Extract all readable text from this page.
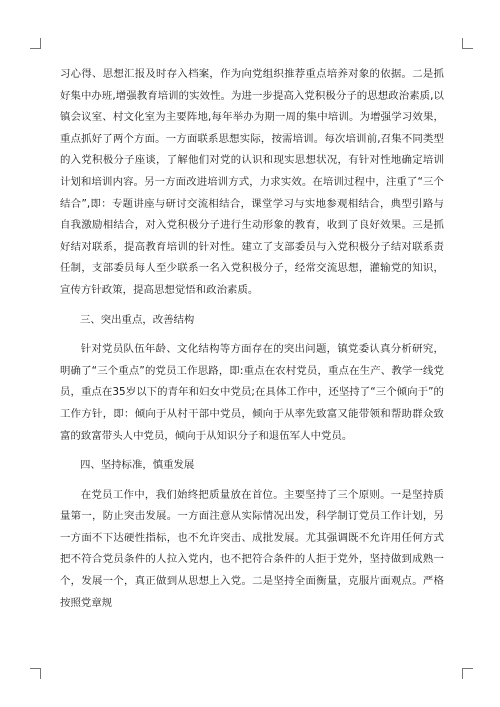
习心得、思想汇报及时存入档案，作为向党组织推荐重点培养对象的依据。二是抓好集中办班,增强教育培训的实效性。为进一步提高入党积极分子的思想政治素质,以镇会议室、村文化室为主要阵地,每年举办为期一周的集中培训。为增强学习效果，重点抓好了两个方面。一方面联系思想实际，按需培训。每次培训前,召集不同类型的入党积极分子座谈，了解他们对党的认识和现实思想状况，有针对性地确定培训计划和培训内容。另一方面改进培训方式，力求实效。在培训过程中，注重了“三个结合”,即：专题讲座与研讨交流相结合，课堂学习与实地参观相结合，典型引路与自我激励相结合，对入党积极分子进行生动形象的教育，收到了良好效果。三是抓好结对联系，提高教育培训的针对性。建立了支部委员与入党积极分子结对联系责任制，支部委员每人至少联系一名入党积极分子，经常交流思想，灌输党的知识，宣传方针政策，提高思想觉悟和政治素质。

三、突出重点，改善结构

针对党员队伍年龄、文化结构等方面存在的突出问题，镇党委认真分析研究，明确了“三个重点”的党员工作思路，即:重点在农村党员，重点在生产、教学一线党员，重点在35岁以下的青年和妇女中党员;在具体工作中，还坚持了“三个倾向于”的工作方针，即：倾向于从村干部中党员，倾向于从率先致富又能带领和帮助群众致富的致富带头人中党员，倾向于从知识分子和退伍军人中党员。

四、坚持标准，慎重发展

在党员工作中，我们始终把质量放在首位。主要坚持了三个原则。一是坚持质量第一，防止突击发展。一方面注意从实际情况出发，科学制订党员工作计划，另一方面不下达硬性指标，也不允许突击、成批发展。尤其强调既不允许用任何方式把不符合党员条件的人拉入党内，也不把符合条件的人拒于党外，坚持做到成熟一个，发展一个，真正做到从思想上入党。二是坚持全面衡量，克服片面观点。严格按照党章规
